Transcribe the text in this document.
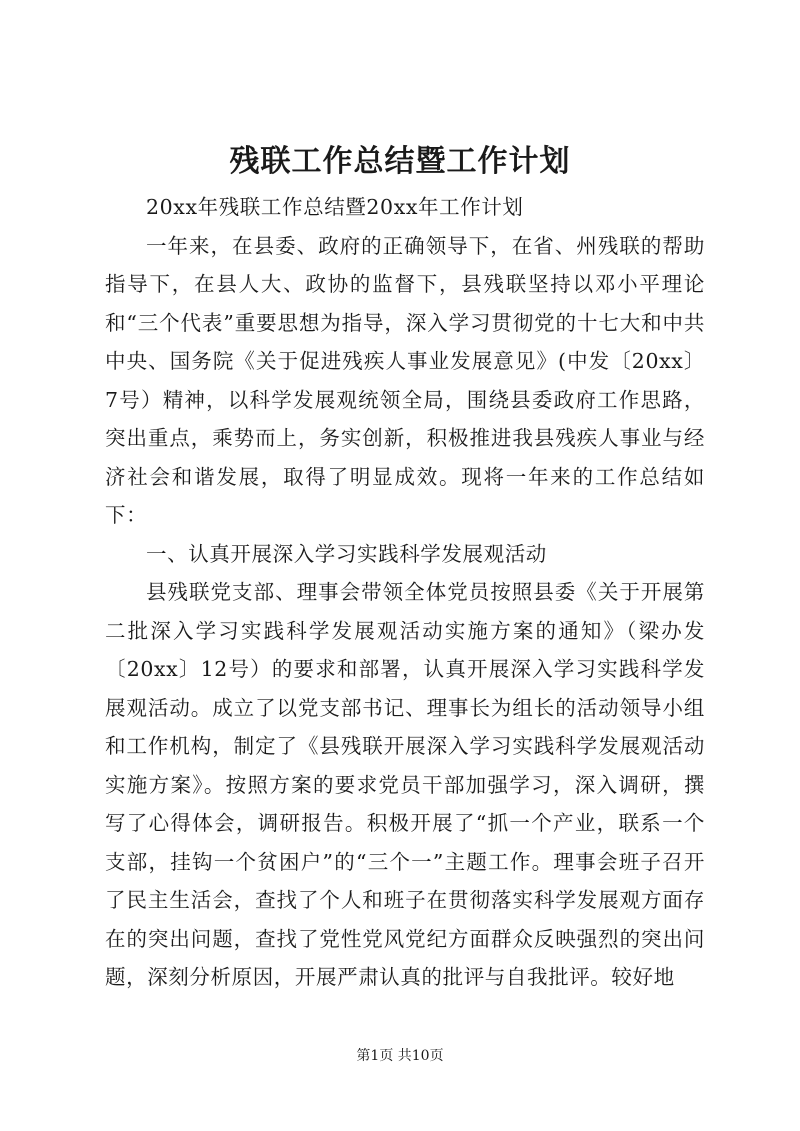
残联工作总结暨工作计划

20xx年残联工作总结暨20xx年工作计划

一年来，在县委、政府的正确领导下，在省、州残联的帮助指导下，在县人大、政协的监督下，县残联坚持以邓小平理论和“三个代表”重要思想为指导，深入学习贯彻党的十七大和中共中央、国务院《关于促进残疾人事业发展意见》(中发〔20xx〕7号）精神，以科学发展观统领全局，围绕县委政府工作思路，突出重点，乘势而上，务实创新，积极推进我县残疾人事业与经济社会和谐发展，取得了明显成效。现将一年来的工作总结如下：

一、认真开展深入学习实践科学发展观活动

县残联党支部、理事会带领全体党员按照县委《关于开展第二批深入学习实践科学发展观活动实施方案的通知》（梁办发〔20xx〕12号）的要求和部署，认真开展深入学习实践科学发展观活动。成立了以党支部书记、理事长为组长的活动领导小组和工作机构，制定了《县残联开展深入学习实践科学发展观活动实施方案》。按照方案的要求党员干部加强学习，深入调研，撰写了心得体会，调研报告。积极开展了“抓一个产业，联系一个支部，挂钩一个贫困户”的“三个一”主题工作。理事会班子召开了民主生活会，查找了个人和班子在贯彻落实科学发展观方面存在的突出问题，查找了党性党风党纪方面群众反映强烈的突出问题，深刻分析原因，开展严肃认真的批评与自我批评。较好地

第1页 共10页
